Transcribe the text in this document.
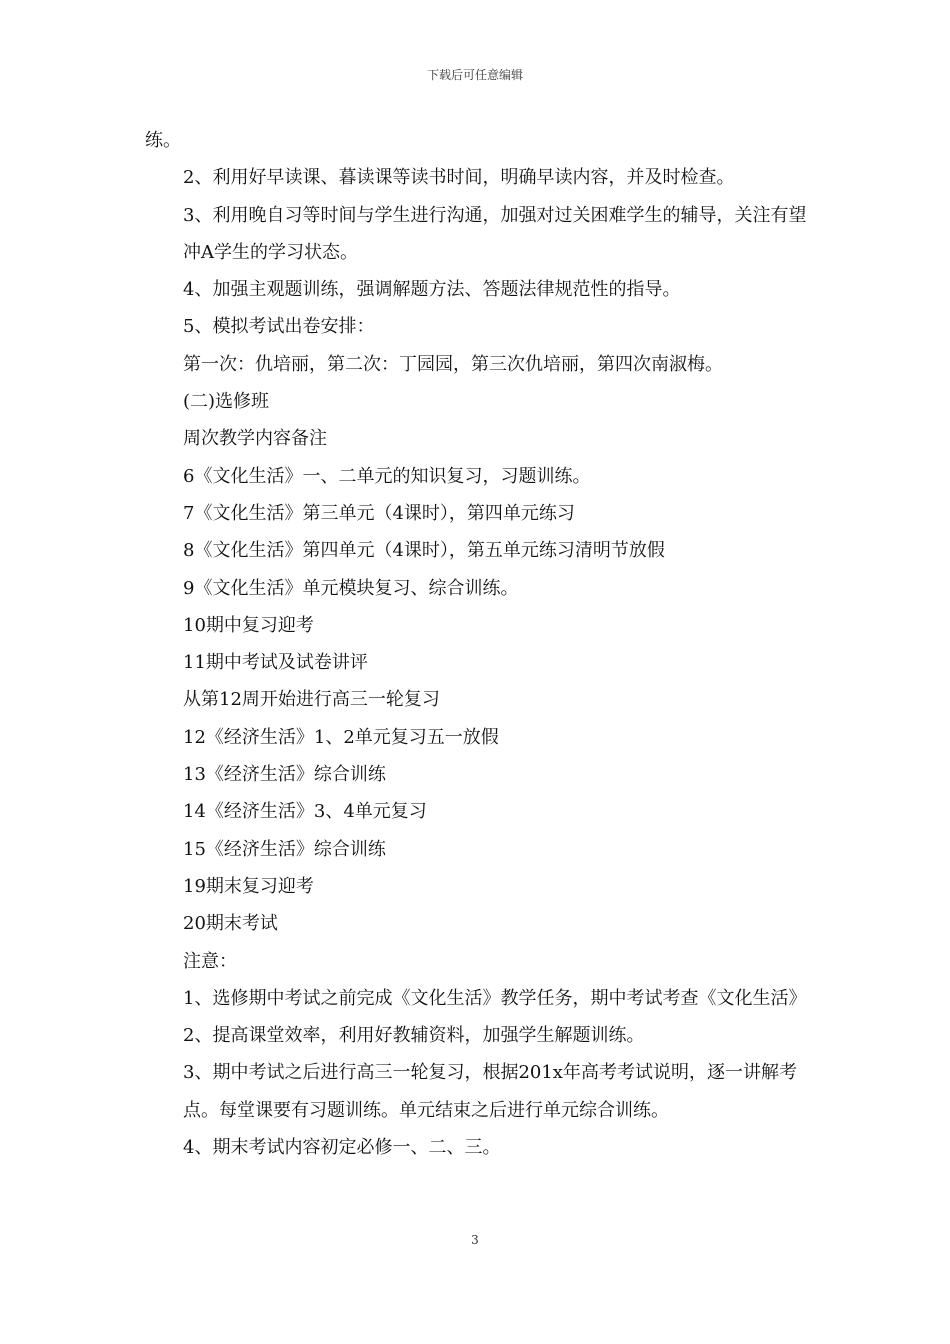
下载后可任意编辑

练。

2、利用好早读课、暮读课等读书时间，明确早读内容，并及时检查。

3、利用晚自习等时间与学生进行沟通，加强对过关困难学生的辅导，关注有望冲A学生的学习状态。

4、加强主观题训练，强调解题方法、答题法律规范性的指导。

5、模拟考试出卷安排：

第一次：仇培丽，第二次：丁园园，第三次仇培丽，第四次南淑梅。

(二)选修班

周次教学内容备注

6《文化生活》一、二单元的知识复习，习题训练。

7《文化生活》第三单元（4课时），第四单元练习

8《文化生活》第四单元（4课时），第五单元练习清明节放假

9《文化生活》单元模块复习、综合训练。

10期中复习迎考

11期中考试及试卷讲评

从第12周开始进行高三一轮复习

12《经济生活》1、2单元复习五一放假

13《经济生活》综合训练

14《经济生活》3、4单元复习

15《经济生活》综合训练

19期末复习迎考

20期末考试

注意：

1、选修期中考试之前完成《文化生活》教学任务，期中考试考查《文化生活》

2、提高课堂效率，利用好教辅资料，加强学生解题训练。

3、期中考试之后进行高三一轮复习，根据201x年高考考试说明，逐一讲解考点。每堂课要有习题训练。单元结束之后进行单元综合训练。

4、期末考试内容初定必修一、二、三。

3
